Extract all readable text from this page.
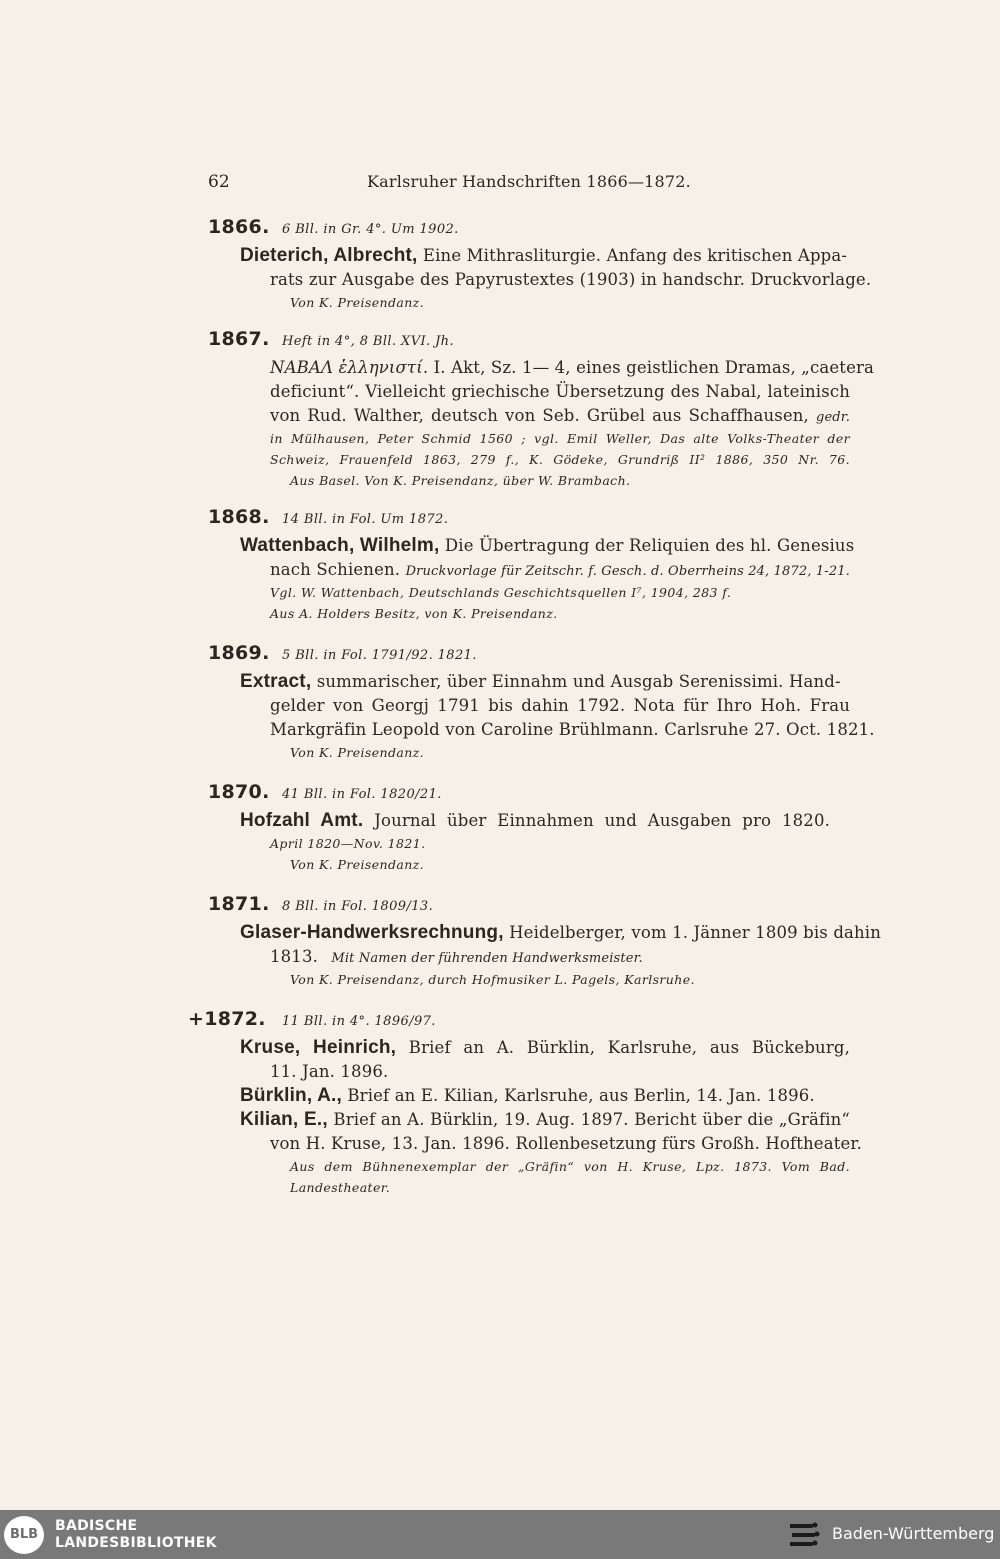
62	Karlsruher Handschriften 1866—1872.
1866. 6 Bll. in Gr. 4°. Um 1902.
Dieterich, Albrecht, Eine Mithrasliturgie. Anfang des kritischen Appa-
rats zur Ausgabe des Papyrustextes (1903) in handschr. Druckvorlage.
Von K. Preisendanz.
1867. Heft in 4°, 8 Bll. XVI. Jh.
ΝΑΒΑΛ ἑλληνιστί. I. Akt, Sz. 1— 4, eines geistlichen Dramas, „caetera
deficiunt“. Vielleicht griechische Übersetzung des Nabal, lateinisch
von Rud. Walther, deutsch von Seb. Grübel aus Schaffhausen, gedr.
in Mülhausen, Peter Schmid 1560 ; vgl. Emil Weller, Das alte Volks-Theater der
Schweiz, Frauenfeld 1863, 279 f., K. Gödeke, Grundriß II² 1886, 350 Nr. 76.
Aus Basel. Von K. Preisendanz, über W. Brambach.
1868. 14 Bll. in Fol. Um 1872.
Wattenbach, Wilhelm, Die Übertragung der Reliquien des hl. Genesius
nach Schienen. Druckvorlage für Zeitschr. f. Gesch. d. Oberrheins 24, 1872, 1-21.
Vgl. W. Wattenbach, Deutschlands Geschichtsquellen I⁷, 1904, 283 f.
Aus A. Holders Besitz, von K. Preisendanz.
1869. 5 Bll. in Fol. 1791/92. 1821.
Extract, summarischer, über Einnahm und Ausgab Serenissimi. Hand-
gelder von Georgj 1791 bis dahin 1792. Nota für Ihro Hoh. Frau
Markgräfin Leopold von Caroline Brühlmann. Carlsruhe 27. Oct. 1821.
Von K. Preisendanz.
1870. 41 Bll. in Fol. 1820/21.
Hofzahl Amt. Journal über Einnahmen und Ausgaben pro 1820.
April 1820—Nov. 1821.
Von K. Preisendanz.
1871. 8 Bll. in Fol. 1809/13.
Glaser-Handwerksrechnung, Heidelberger, vom 1. Jänner 1809 bis dahin
1813. Mit Namen der führenden Handwerksmeister.
Von K. Preisendanz, durch Hofmusiker L. Pagels, Karlsruhe.
+1872. 11 Bll. in 4°. 1896/97.
Kruse, Heinrich, Brief an A. Bürklin, Karlsruhe, aus Bückeburg,
11. Jan. 1896.
Bürklin, A., Brief an E. Kilian, Karlsruhe, aus Berlin, 14. Jan. 1896.
Kilian, E., Brief an A. Bürklin, 19. Aug. 1897. Bericht über die „Gräfin“
von H. Kruse, 13. Jan. 1896. Rollenbesetzung fürs Großh. Hoftheater.
Aus dem Bühnenexemplar der „Gräfin“ von H. Kruse, Lpz. 1873. Vom Bad.
Landestheater.
BLB
BADISCHE
LANDESBIBLIOTHEK	Baden-Württemberg
